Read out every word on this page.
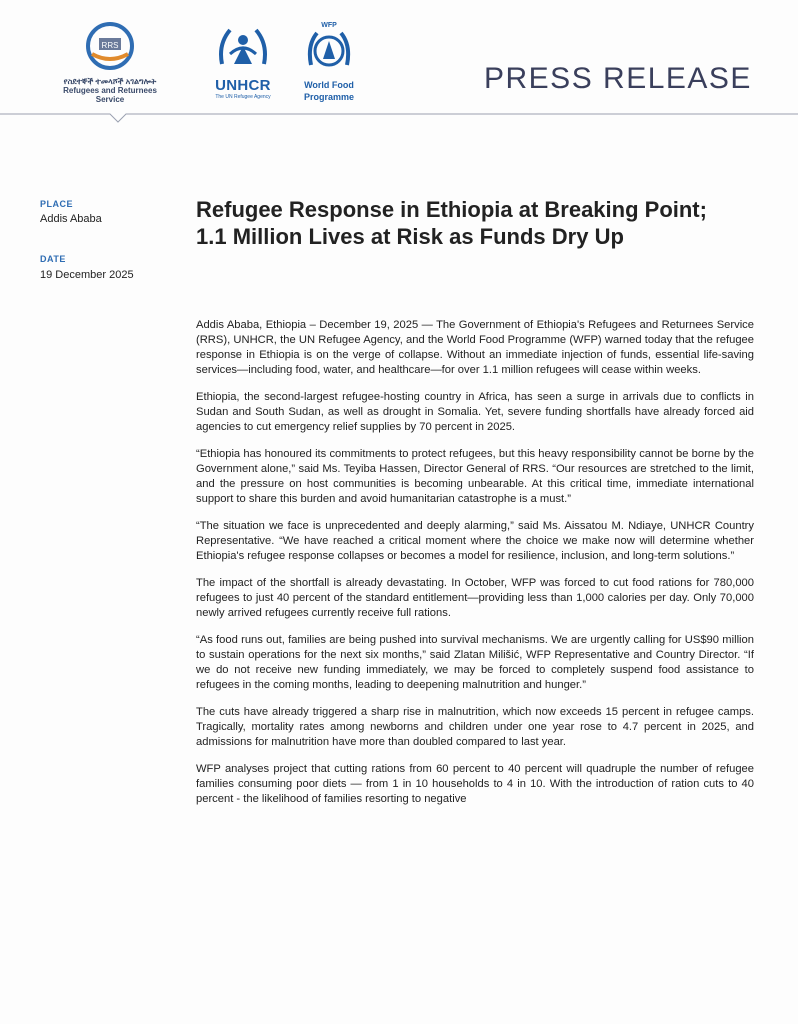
RRS
የስደተኞች ተመላሾች አገልግሎት
Refugees and Returnees Service
UNHCR
The UN Refugee Agency
WFP
World Food
Programme
PRESS RELEASE
PLACE
Addis Ababa
DATE
19 December 2025
Refugee Response in Ethiopia at Breaking Point; 1.1 Million Lives at Risk as Funds Dry Up

Addis Ababa, Ethiopia – December 19, 2025 — The Government of Ethiopia's Refugees and Returnees Service (RRS), UNHCR, the UN Refugee Agency, and the World Food Programme (WFP) warned today that the refugee response in Ethiopia is on the verge of collapse. Without an immediate injection of funds, essential life-saving services—including food, water, and healthcare—for over 1.1 million refugees will cease within weeks.

Ethiopia, the second-largest refugee-hosting country in Africa, has seen a surge in arrivals due to conflicts in Sudan and South Sudan, as well as drought in Somalia. Yet, severe funding shortfalls have already forced aid agencies to cut emergency relief supplies by 70 percent in 2025.

“Ethiopia has honoured its commitments to protect refugees, but this heavy responsibility cannot be borne by the Government alone,” said Ms. Teyiba Hassen, Director General of RRS. “Our resources are stretched to the limit, and the pressure on host communities is becoming unbearable. At this critical time, immediate international support to share this burden and avoid humanitarian catastrophe is a must.”

“The situation we face is unprecedented and deeply alarming,” said Ms. Aissatou M. Ndiaye, UNHCR Country Representative. “We have reached a critical moment where the choice we make now will determine whether Ethiopia's refugee response collapses or becomes a model for resilience, inclusion, and long-term solutions.”

The impact of the shortfall is already devastating. In October, WFP was forced to cut food rations for 780,000 refugees to just 40 percent of the standard entitlement—providing less than 1,000 calories per day. Only 70,000 newly arrived refugees currently receive full rations.

“As food runs out, families are being pushed into survival mechanisms. We are urgently calling for US$90 million to sustain operations for the next six months,” said Zlatan Milišić, WFP Representative and Country Director. “If we do not receive new funding immediately, we may be forced to completely suspend food assistance to refugees in the coming months, leading to deepening malnutrition and hunger.”

The cuts have already triggered a sharp rise in malnutrition, which now exceeds 15 percent in refugee camps. Tragically, mortality rates among newborns and children under one year rose to 4.7 percent in 2025, and admissions for malnutrition have more than doubled compared to last year.

WFP analyses project that cutting rations from 60 percent to 40 percent will quadruple the number of refugee families consuming poor diets — from 1 in 10 households to 4 in 10. With the introduction of ration cuts to 40 percent - the likelihood of families resorting to negative
